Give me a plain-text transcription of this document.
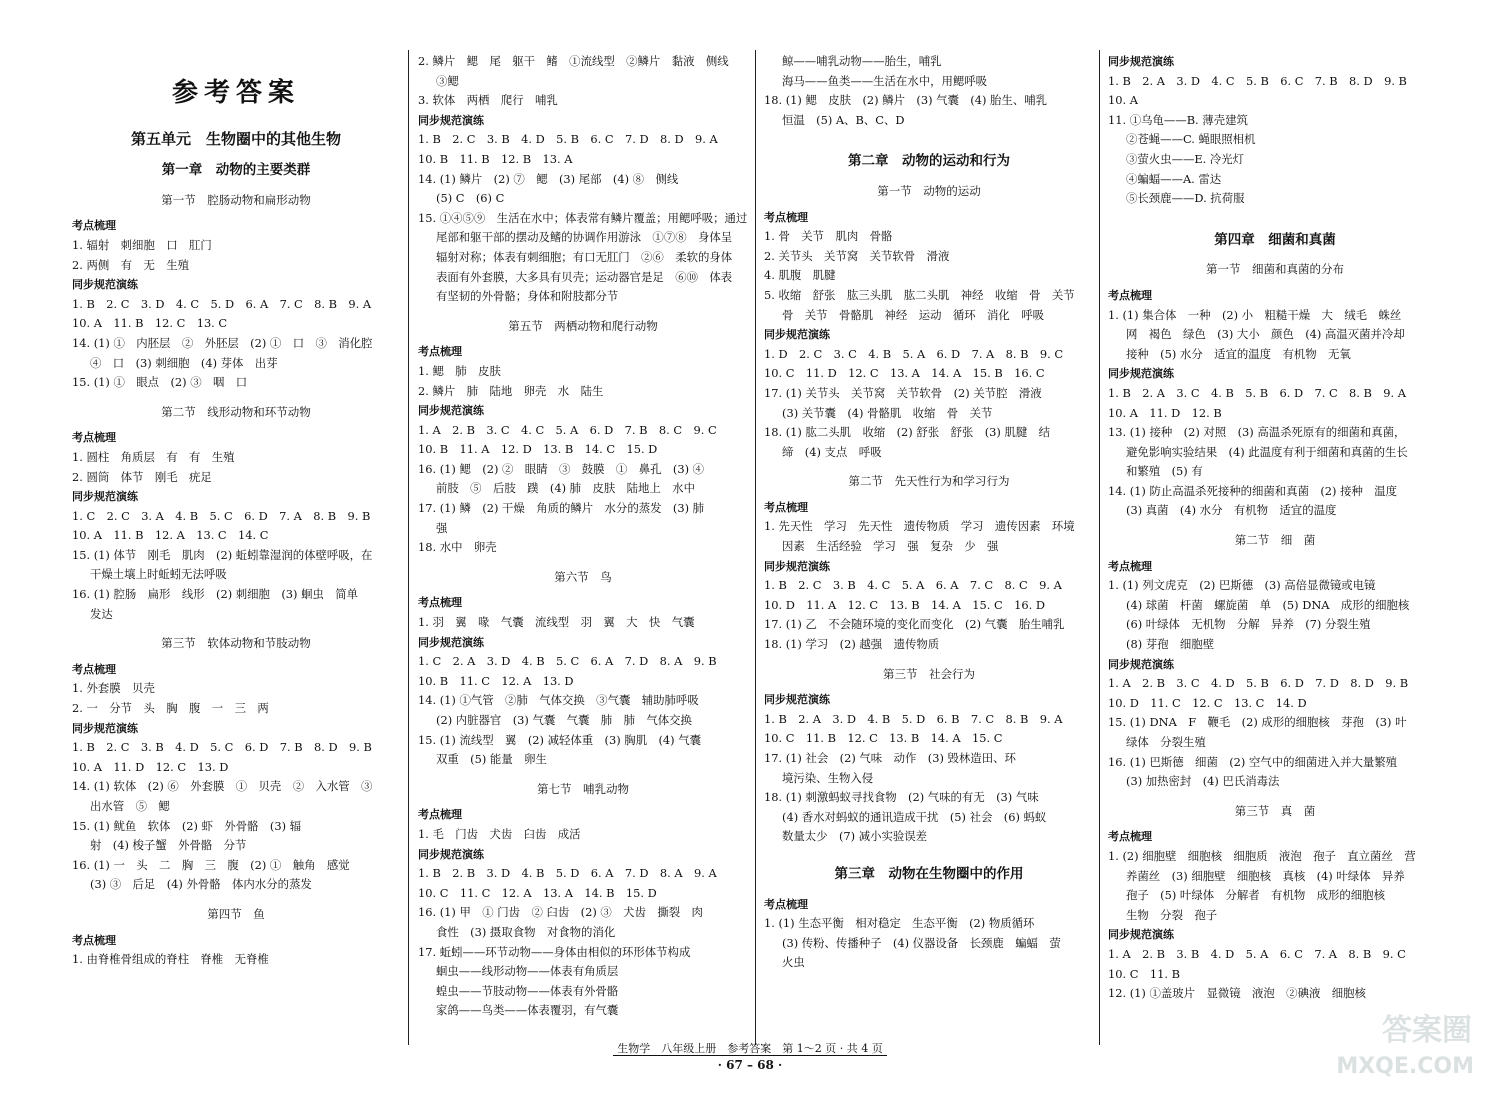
参考答案
第五单元　生物圈中的其他生物
第一章　动物的主要类群
第一节　腔肠动物和扁形动物
考点梳理
1. 辐射　刺细胞　口　肛门
2. 两侧　有　无　生殖
同步规范演练
1. B　2. C　3. D　4. C　5. D　6. A　7. C　8. B　9. A
10. A　11. B　12. C　13. C
14. (1) ①　内胚层　②　外胚层　(2) ①　口　③　消化腔
④　口　(3) 刺细胞　(4) 芽体　出芽
15. (1) ①　眼点　(2) ③　咽　口
第二节　线形动物和环节动物
考点梳理
1. 圆柱　角质层　有　有　生殖
2. 圆筒　体节　刚毛　疣足
同步规范演练
1. C　2. C　3. A　4. B　5. C　6. D　7. A　8. B　9. B
10. A　11. B　12. A　13. C　14. C
15. (1) 体节　刚毛　肌肉　(2) 蚯蚓靠湿润的体壁呼吸，在
干燥土壤上时蚯蚓无法呼吸
16. (1) 腔肠　扁形　线形　(2) 刺细胞　(3) 蛔虫　简单
发达
第三节　软体动物和节肢动物
考点梳理
1. 外套膜　贝壳
2. 一　分节　头　胸　腹　一　三　两
同步规范演练
1. B　2. C　3. B　4. D　5. C　6. D　7. B　8. D　9. B
10. A　11. D　12. C　13. D
14. (1) 软体　(2) ⑥　外套膜　①　贝壳　②　入水管　③
出水管　⑤　鳃
15. (1) 鱿鱼　软体　(2) 虾　外骨骼　(3) 辐
射　(4) 梭子蟹　外骨骼　分节
16. (1) 一　头　二　胸　三　腹　(2) ①　触角　感觉
(3) ③　后足　(4) 外骨骼　体内水分的蒸发
第四节　鱼
考点梳理
1. 由脊椎骨组成的脊柱　脊椎　无脊椎
2. 鳞片　鳃　尾　躯干　鳍　①流线型　②鳞片　黏液　侧线
③鳃
3. 软体　两栖　爬行　哺乳
同步规范演练
1. B　2. C　3. B　4. D　5. B　6. C　7. D　8. D　9. A
10. B　11. B　12. B　13. A
14. (1) 鳞片　(2) ⑦　鳃　(3) 尾部　(4) ⑧　侧线
(5) C　(6) C
15. ①④⑤⑨　生活在水中；体表常有鳞片覆盖；用鳃呼吸；通过
尾部和躯干部的摆动及鳍的协调作用游泳　①⑦⑧　身体呈
辐射对称；体表有刺细胞；有口无肛门　②⑥　柔软的身体
表面有外套膜，大多具有贝壳；运动器官是足　⑥⑩　体表
有坚韧的外骨骼；身体和附肢都分节
第五节　两栖动物和爬行动物
考点梳理
1. 鳃　肺　皮肤
2. 鳞片　肺　陆地　卵壳　水　陆生
同步规范演练
1. A　2. B　3. C　4. C　5. A　6. D　7. B　8. C　9. C
10. B　11. A　12. D　13. B　14. C　15. D
16. (1) 鳃　(2) ②　眼睛　③　鼓膜　①　鼻孔　(3) ④
前肢　⑤　后肢　蹼　(4) 肺　皮肤　陆地上　水中
17. (1) 鳞　(2) 干燥　角质的鳞片　水分的蒸发　(3) 肺
强
18. 水中　卵壳
第六节　鸟
考点梳理
1. 羽　翼　喙　气囊　流线型　羽　翼　大　快　气囊
同步规范演练
1. C　2. A　3. D　4. B　5. C　6. A　7. D　8. A　9. B
10. B　11. C　12. A　13. D
14. (1) ①气管　②肺　气体交换　③气囊　辅助肺呼吸
(2) 内脏器官　(3) 气囊　气囊　肺　肺　气体交换
15. (1) 流线型　翼　(2) 减轻体重　(3) 胸肌　(4) 气囊
双重　(5) 能量　卵生
第七节　哺乳动物
考点梳理
1. 毛　门齿　犬齿　臼齿　成活
同步规范演练
1. B　2. B　3. D　4. B　5. D　6. A　7. D　8. A　9. A
10. C　11. C　12. A　13. A　14. B　15. D
16. (1) 甲　① 门齿　② 臼齿　(2) ③　犬齿　撕裂　肉
食性　(3) 摄取食物　对食物的消化
17. 蚯蚓——环节动物——身体由相似的环形体节构成
蛔虫——线形动物——体表有角质层
蝗虫——节肢动物——体表有外骨骼
家鸽——鸟类——体表覆羽，有气囊
鲸——哺乳动物——胎生，哺乳
海马——鱼类——生活在水中，用鳃呼吸
18. (1) 鳃　皮肤　(2) 鳞片　(3) 气囊　(4) 胎生、哺乳
恒温　(5) A、B、C、D
第二章　动物的运动和行为
第一节　动物的运动
考点梳理
1. 骨　关节　肌肉　骨骼
2. 关节头　关节窝　关节软骨　滑液
4. 肌腹　肌腱
5. 收缩　舒张　肱三头肌　肱二头肌　神经　收缩　骨　关节
骨　关节　骨骼肌　神经　运动　循环　消化　呼吸
同步规范演练
1. D　2. C　3. C　4. B　5. A　6. D　7. A　8. B　9. C
10. C　11. D　12. C　13. A　14. A　15. B　16. C
17. (1) 关节头　关节窝　关节软骨　(2) 关节腔　滑液
(3) 关节囊　(4) 骨骼肌　收缩　骨　关节
18. (1) 肱二头肌　收缩　(2) 舒张　舒张　(3) 肌腱　结
缔　(4) 支点　呼吸
第二节　先天性行为和学习行为
考点梳理
1. 先天性　学习　先天性　遗传物质　学习　遗传因素　环境
因素　生活经验　学习　强　复杂　少　强
同步规范演练
1. B　2. C　3. B　4. C　5. A　6. A　7. C　8. C　9. A
10. D　11. A　12. C　13. B　14. A　15. C　16. D
17. (1) 乙　不会随环境的变化而变化　(2) 气囊　胎生哺乳
18. (1) 学习　(2) 越强　遗传物质
第三节　社会行为
同步规范演练
1. B　2. A　3. D　4. B　5. D　6. B　7. C　8. B　9. A
10. C　11. B　12. C　13. B　14. A　15. C
17. (1) 社会　(2) 气味　动作　(3) 毁林造田、环
境污染、生物入侵
18. (1) 刺激蚂蚁寻找食物　(2) 气味的有无　(3) 气味
(4) 香水对蚂蚁的通讯造成干扰　(5) 社会　(6) 蚂蚁
数量太少　(7) 减小实验误差
第三章　动物在生物圈中的作用
考点梳理
1. (1) 生态平衡　相对稳定　生态平衡　(2) 物质循环
(3) 传粉、传播种子　(4) 仪器设备　长颈鹿　蝙蝠　萤
火虫
同步规范演练
1. B　2. A　3. D　4. C　5. B　6. C　7. B　8. D　9. B
10. A
11. ①乌龟——B. 薄壳建筑
②苍蝇——C. 蝇眼照相机
③萤火虫——E. 冷光灯
④蝙蝠——A. 雷达
⑤长颈鹿——D. 抗荷服
第四章　细菌和真菌
第一节　细菌和真菌的分布
考点梳理
1. (1) 集合体　一种　(2) 小　粗糙干燥　大　绒毛　蛛丝
网　褐色　绿色　(3) 大小　颜色　(4) 高温灭菌并冷却
接种　(5) 水分　适宜的温度　有机物　无氧
同步规范演练
1. B　2. A　3. C　4. B　5. B　6. D　7. C　8. B　9. A
10. A　11. D　12. B
13. (1) 接种　(2) 对照　(3) 高温杀死原有的细菌和真菌，
避免影响实验结果　(4) 此温度有利于细菌和真菌的生长
和繁殖　(5) 有
14. (1) 防止高温杀死接种的细菌和真菌　(2) 接种　温度
(3) 真菌　(4) 水分　有机物　适宜的温度
第二节　细　菌
考点梳理
1. (1) 列文虎克　(2) 巴斯德　(3) 高倍显微镜或电镜
(4) 球菌　杆菌　螺旋菌　单　(5) DNA　成形的细胞核
(6) 叶绿体　无机物　分解　异养　(7) 分裂生殖
(8) 芽孢　细胞壁
同步规范演练
1. A　2. B　3. C　4. D　5. B　6. D　7. D　8. D　9. B
10. D　11. C　12. C　13. C　14. D
15. (1) DNA　F　鞭毛　(2) 成形的细胞核　芽孢　(3) 叶
绿体　分裂生殖
16. (1) 巴斯德　细菌　(2) 空气中的细菌进入并大量繁殖
(3) 加热密封　(4) 巴氏消毒法
第三节　真　菌
考点梳理
1. (2) 细胞壁　细胞核　细胞质　液泡　孢子　直立菌丝　营
养菌丝　(3) 细胞壁　细胞核　真核　(4) 叶绿体　异养
孢子　(5) 叶绿体　分解者　有机物　成形的细胞核
生物　分裂　孢子
同步规范演练
1. A　2. B　3. B　4. D　5. A　6. C　7. A　8. B　9. C
10. C　11. B
12. (1) ①盖玻片　显微镜　液泡　②碘液　细胞核
生物学　八年级上册　参考答案　第 1～2 页 · 共 4 页
· 67 – 68 ·
答案圈
MXQE.COM
